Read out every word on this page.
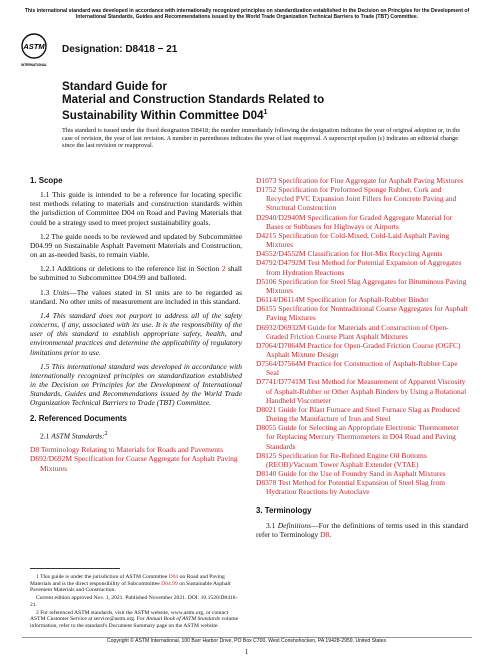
This international standard was developed in accordance with internationally recognized principles on standardization established in the Decision on Principles for the Development of International Standards, Guides and Recommendations issued by the World Trade Organization Technical Barriers to Trade (TBT) Committee.
ASTM
INTERNATIONAL
Designation: D8418 − 21
Standard Guide for
Material and Construction Standards Related to
Sustainability Within Committee $D04^1$
This standard is issued under the fixed designation D8418; the number immediately following the designation indicates the year of original adoption or, in the case of revision, the year of last revision. A number in parentheses indicates the year of last reapproval. A superscript epsilon (ε) indicates an editorial change since the last revision or reapproval.
1. Scope

1.1 This guide is intended to be a reference for locating specific test methods relating to materials and construction standards within the jurisdiction of Committee D04 on Road and Paving Materials that could be a strategy used to meet project sustainability goals.

1.2 The guide needs to be reviewed and updated by Subcommittee D04.99 on Sustainable Asphalt Pavement Materials and Construction, on an as-needed basis, to remain viable.

1.2.1 Additions or deletions to the reference list in Section 2 shall be submitted to Subcommittee D04.99 and balloted.

1.3 Units—The values stated in SI units are to be regarded as standard. No other units of measurement are included in this standard.

1.4 This standard does not purport to address all of the safety concerns, if any, associated with its use. It is the responsibility of the user of this standard to establish appropriate safety, health, and environmental practices and determine the applicability of regulatory limitations prior to use.

1.5 This international standard was developed in accordance with internationally recognized principles on standardization established in the Decision on Principles for the Development of International Standards, Guides and Recommendations issued by the World Trade Organization Technical Barriers to Trade (TBT) Committee.

2. Referenced Documents

2.1 ASTM Standards:$^2$

D8 Terminology Relating to Materials for Roads and Pavements

D692/D692M Specification for Coarse Aggregate for Asphalt Paving Mixtures

D1073 Specification for Fine Aggregate for Asphalt Paving Mixtures

D1752 Specification for Preformed Sponge Rubber, Cork and Recycled PVC Expansion Joint Fillers for Concrete Paving and Structural Construction

D2940/D2940M Specification for Graded Aggregate Material for Bases or Subbases for Highways or Airports

D4215 Specification for Cold-Mixed, Cold-Laid Asphalt Paving Mixtures

D4552/D4552M Classification for Hot-Mix Recycling Agents

D4792/D4792M Test Method for Potential Expansion of Aggregates from Hydration Reactions

D5106 Specification for Steel Slag Aggregates for Bituminous Paving Mixtures

D6114/D6114M Specification for Asphalt-Rubber Binder

D6155 Specification for Nontraditional Coarse Aggregates for Asphalt Paving Mixtures

D6932/D6932M Guide for Materials and Construction of Open-Graded Friction Course Plant Asphalt Mixtures

D7064/D7064M Practice for Open-Graded Friction Course (OGFC) Asphalt Mixture Design

D7564/D7564M Practice for Construction of Asphalt-Rubber Cape Seal

D7741/D7741M Test Method for Measurement of Apparent Viscosity of Asphalt-Rubber or Other Asphalt Binders by Using a Rotational Handheld Viscometer

D8021 Guide for Blast Furnace and Steel Furnace Slag as Produced During the Manufacture of Iron and Steel

D8055 Guide for Selecting an Appropriate Electronic Thermometer for Replacing Mercury Thermometers in D04 Road and Paving Standards

D8125 Specification for Re-Refined Engine Oil Bottoms (REOB)/Vacuum Tower Asphalt Extender (VTAE)

D8140 Guide for the Use of Foundry Sand in Asphalt Mixtures

D8378 Test Method for Potential Expansion of Steel Slag from Hydration Reactions by Autoclave

3. Terminology

3.1 Definitions—For the definitions of terms used in this standard refer to Terminology D8.

1 This guide is under the jurisdiction of ASTM Committee D04 on Road and Paving Materials and is the direct responsibility of Subcommittee D04.99 on Sustainable Asphalt Pavement Materials and Construction.

Current edition approved Nov. 1, 2021. Published November 2021. DOI: 10.1520/D8418-21.

2 For referenced ASTM standards, visit the ASTM website, www.astm.org, or contact ASTM Customer Service at service@astm.org. For Annual Book of ASTM Standards volume information, refer to the standard's Document Summary page on the ASTM website.

Copyright © ASTM International, 100 Barr Harbor Drive, PO Box C700, West Conshohocken, PA 19428-2959. United States
1
